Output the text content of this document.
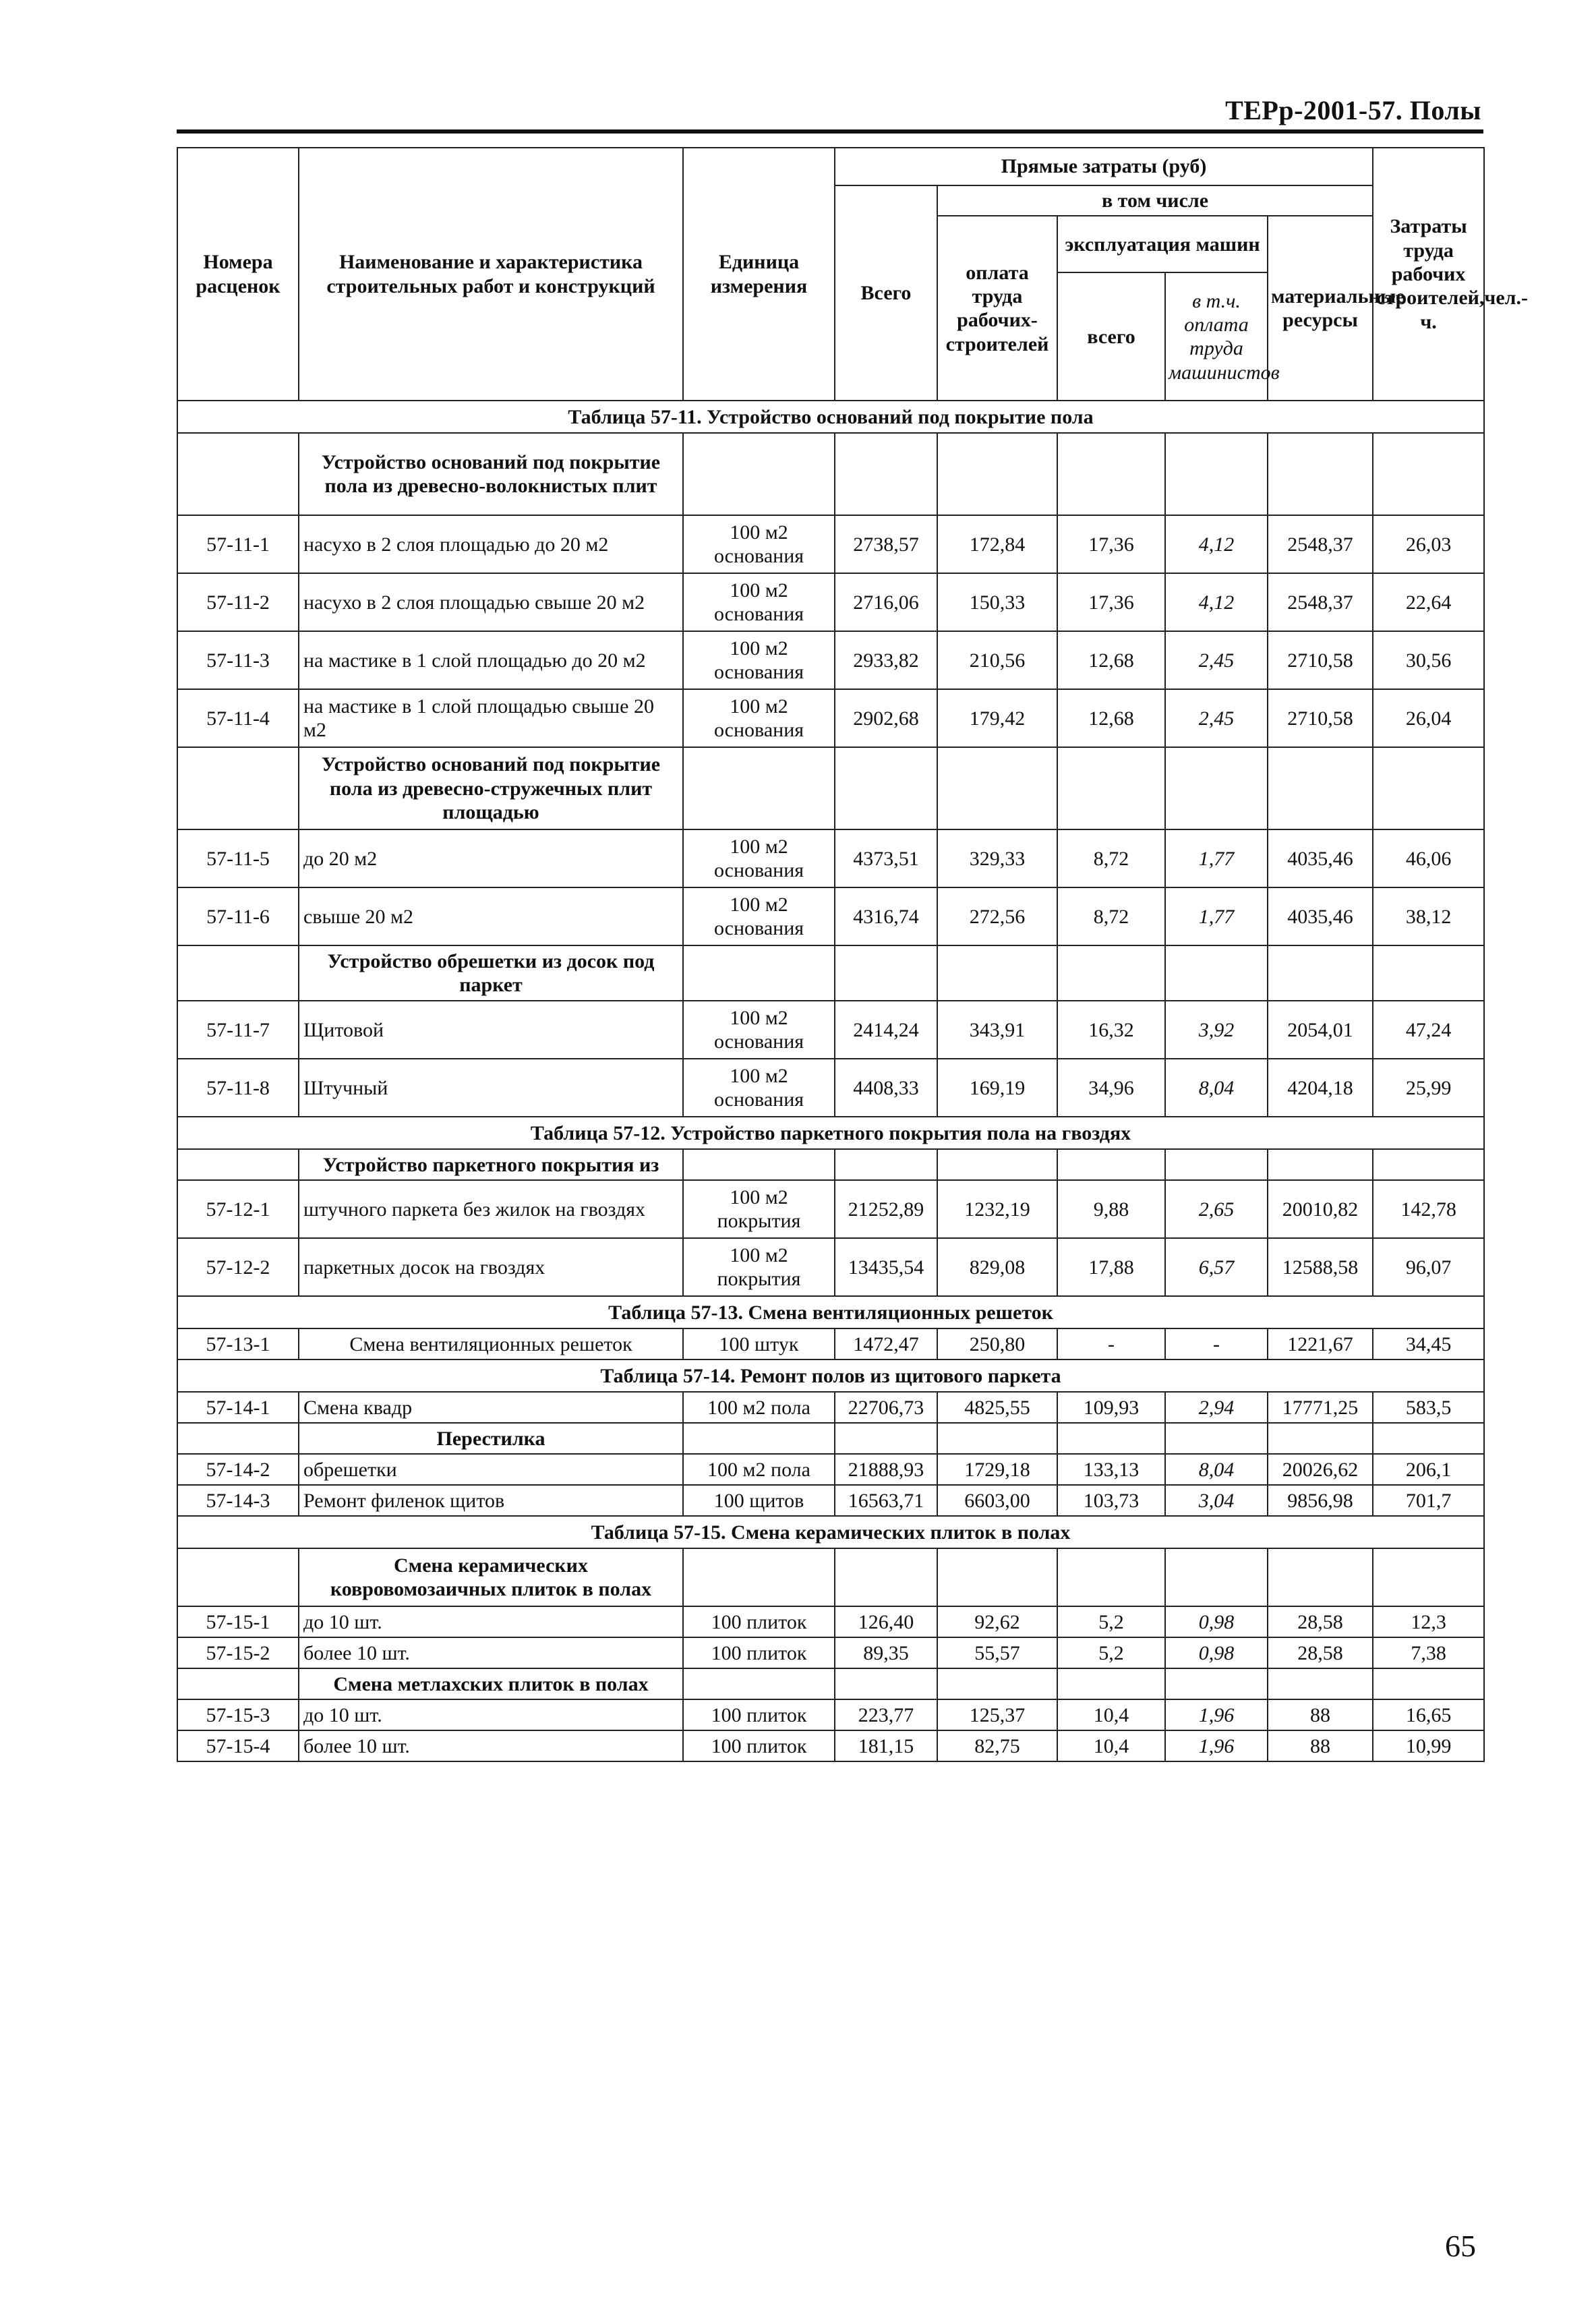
ТЕРр-2001-57. Полы
Номера расценок	Наименование и характеристика строительных работ и конструкций	Единица измерения	Прямые затраты (руб)					Затраты труда рабочих строителей,чел.-ч.
			Всего	в том числе				
				оплата труда рабочих-строителей	эксплуатация машин		материальные ресурсы	
					всего	в т.ч. оплата труда машинистов		
Таблица 57-11. Устройство оснований под покрытие пола								
	Устройство оснований под покрытие пола из древесно-волокнистых плит							
57-11-1	насухо в 2 слоя площадью до 20 м2	100 м2 основания	2738,57	172,84	17,36	4,12	2548,37	26,03
57-11-2	насухо в 2 слоя площадью свыше 20 м2	100 м2 основания	2716,06	150,33	17,36	4,12	2548,37	22,64
57-11-3	на мастике в 1 слой площадью до 20 м2	100 м2 основания	2933,82	210,56	12,68	2,45	2710,58	30,56
57-11-4	на мастике в 1 слой площадью свыше 20 м2	100 м2 основания	2902,68	179,42	12,68	2,45	2710,58	26,04
	Устройство оснований под покрытие пола из древесно-стружечных плит площадью							
57-11-5	до 20 м2	100 м2 основания	4373,51	329,33	8,72	1,77	4035,46	46,06
57-11-6	свыше 20 м2	100 м2 основания	4316,74	272,56	8,72	1,77	4035,46	38,12
	Устройство обрешетки из досок под паркет							
57-11-7	Щитовой	100 м2 основания	2414,24	343,91	16,32	3,92	2054,01	47,24
57-11-8	Штучный	100 м2 основания	4408,33	169,19	34,96	8,04	4204,18	25,99
Таблица 57-12. Устройство паркетного покрытия пола на гвоздях								
	Устройство паркетного покрытия из							
57-12-1	штучного паркета без жилок на гвоздях	100 м2 покрытия	21252,89	1232,19	9,88	2,65	20010,82	142,78
57-12-2	паркетных досок на гвоздях	100 м2 покрытия	13435,54	829,08	17,88	6,57	12588,58	96,07
Таблица 57-13. Смена вентиляционных решеток								
57-13-1	Смена вентиляционных решеток	100 штук	1472,47	250,80	-	-	1221,67	34,45
Таблица 57-14. Ремонт полов из щитового паркета								
57-14-1	Смена квадр	100 м2 пола	22706,73	4825,55	109,93	2,94	17771,25	583,5
	Перестилка							
57-14-2	обрешетки	100 м2 пола	21888,93	1729,18	133,13	8,04	20026,62	206,1
57-14-3	Ремонт филенок щитов	100 щитов	16563,71	6603,00	103,73	3,04	9856,98	701,7
Таблица 57-15. Смена керамических плиток в полах								
	Смена керамических ковровомозаичных плиток в полах							
57-15-1	до 10 шт.	100 плиток	126,40	92,62	5,2	0,98	28,58	12,3
57-15-2	более 10 шт.	100 плиток	89,35	55,57	5,2	0,98	28,58	7,38
	Смена метлахских плиток в полах							
57-15-3	до 10 шт.	100 плиток	223,77	125,37	10,4	1,96	88	16,65
57-15-4	более 10 шт.	100 плиток	181,15	82,75	10,4	1,96	88	10,99
65
